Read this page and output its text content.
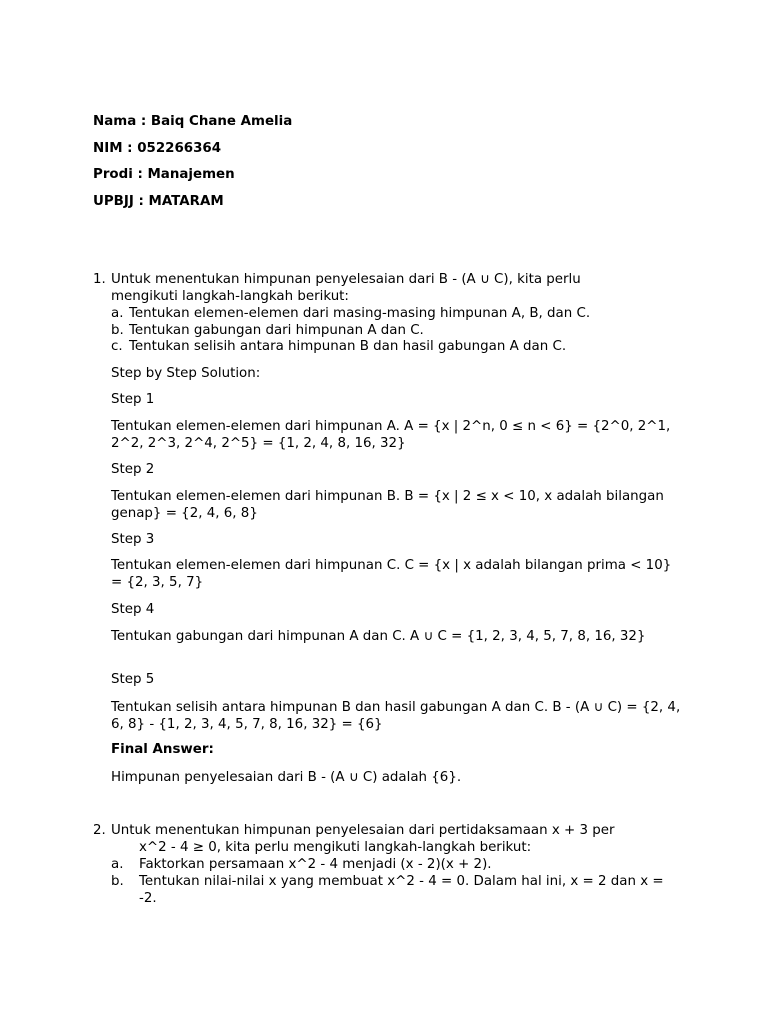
Nama : Baiq Chane Amelia
NIM : 052266364
Prodi : Manajemen
UPBJJ : MATARAM
1. Untuk menentukan himpunan penyelesaian dari B - (A ∪ C), kita perlu
mengikuti langkah-langkah berikut:
a. Tentukan elemen-elemen dari masing-masing himpunan A, B, dan C.
b. Tentukan gabungan dari himpunan A dan C.
c. Tentukan selisih antara himpunan B dan hasil gabungan A dan C.
Step by Step Solution:
Step 1
Tentukan elemen-elemen dari himpunan A. A = {x | 2^n, 0 ≤ n < 6} = {2^0, 2^1, 2^2, 2^3, 2^4, 2^5} = {1, 2, 4, 8, 16, 32}
Step 2
Tentukan elemen-elemen dari himpunan B. B = {x | 2 ≤ x < 10, x adalah bilangan genap} = {2, 4, 6, 8}
Step 3
Tentukan elemen-elemen dari himpunan C. C = {x | x adalah bilangan prima < 10} = {2, 3, 5, 7}
Step 4
Tentukan gabungan dari himpunan A dan C. A ∪ C = {1, 2, 3, 4, 5, 7, 8, 16, 32}
Step 5
Tentukan selisih antara himpunan B dan hasil gabungan A dan C. B - (A ∪ C) = {2, 4, 6, 8} - {1, 2, 3, 4, 5, 7, 8, 16, 32} = {6}
Final Answer:
Himpunan penyelesaian dari B - (A ∪ C) adalah {6}.
2. Untuk menentukan himpunan penyelesaian dari pertidaksamaan x + 3 per
x^2 - 4 ≥ 0, kita perlu mengikuti langkah-langkah berikut:
a. Faktorkan persamaan x^2 - 4 menjadi (x - 2)(x + 2).
b. Tentukan nilai-nilai x yang membuat x^2 - 4 = 0. Dalam hal ini, x = 2 dan x = -2.
